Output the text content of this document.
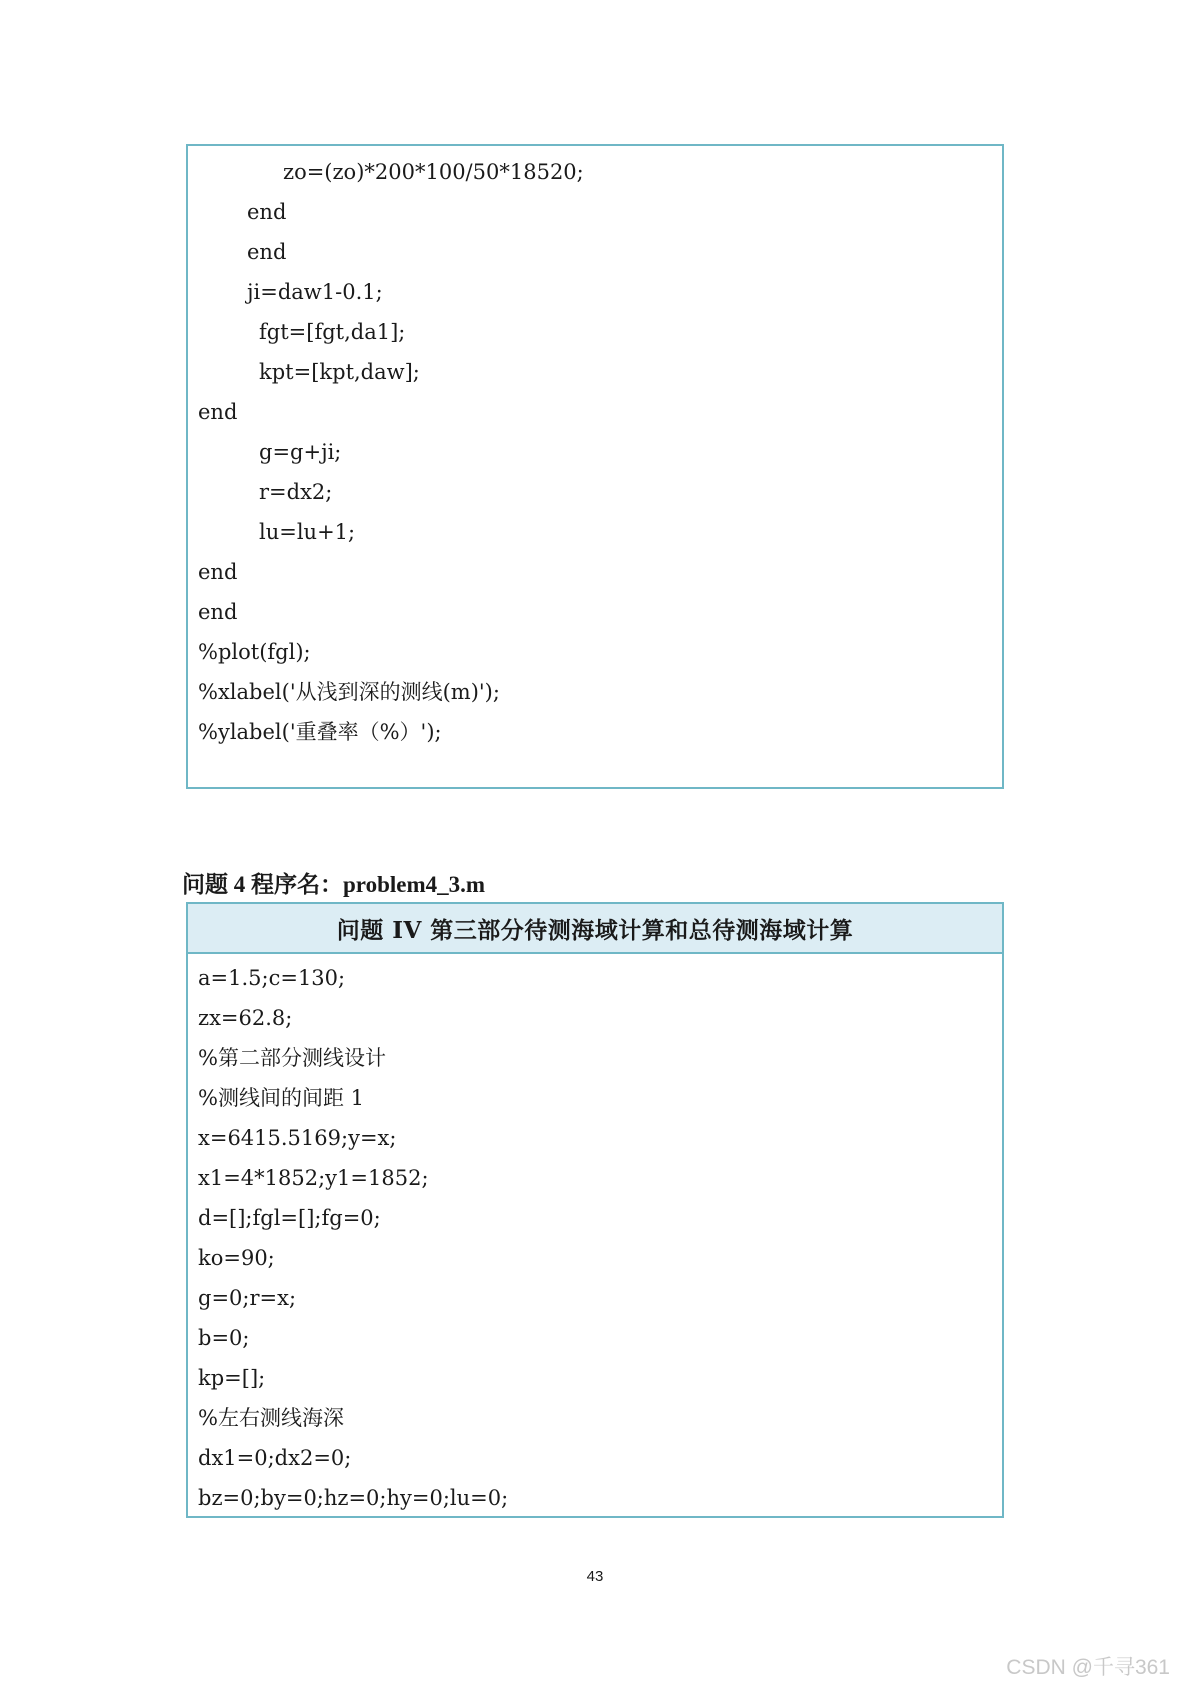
zo=(zo)*200*100/50*18520;
end
end
ji=daw1-0.1;
fgt=[fgt,da1];
kpt=[kpt,daw];
end
g=g+ji;
r=dx2;
lu=lu+1;
end
end
%plot(fgl);
%xlabel('从浅到深的测线(m)');
%ylabel('重叠率（%）');
问题 4 程序名：problem4_3.m
问题 IV 第三部分待测海域计算和总待测海域计算
a=1.5;c=130;
zx=62.8;
%第二部分测线设计
%测线间的间距 1
x=6415.5169;y=x;
x1=4*1852;y1=1852;
d=[];fgl=[];fg=0;
ko=90;
g=0;r=x;
b=0;
kp=[];
%左右测线海深
dx1=0;dx2=0;
bz=0;by=0;hz=0;hy=0;lu=0;
43
CSDN @千寻361
